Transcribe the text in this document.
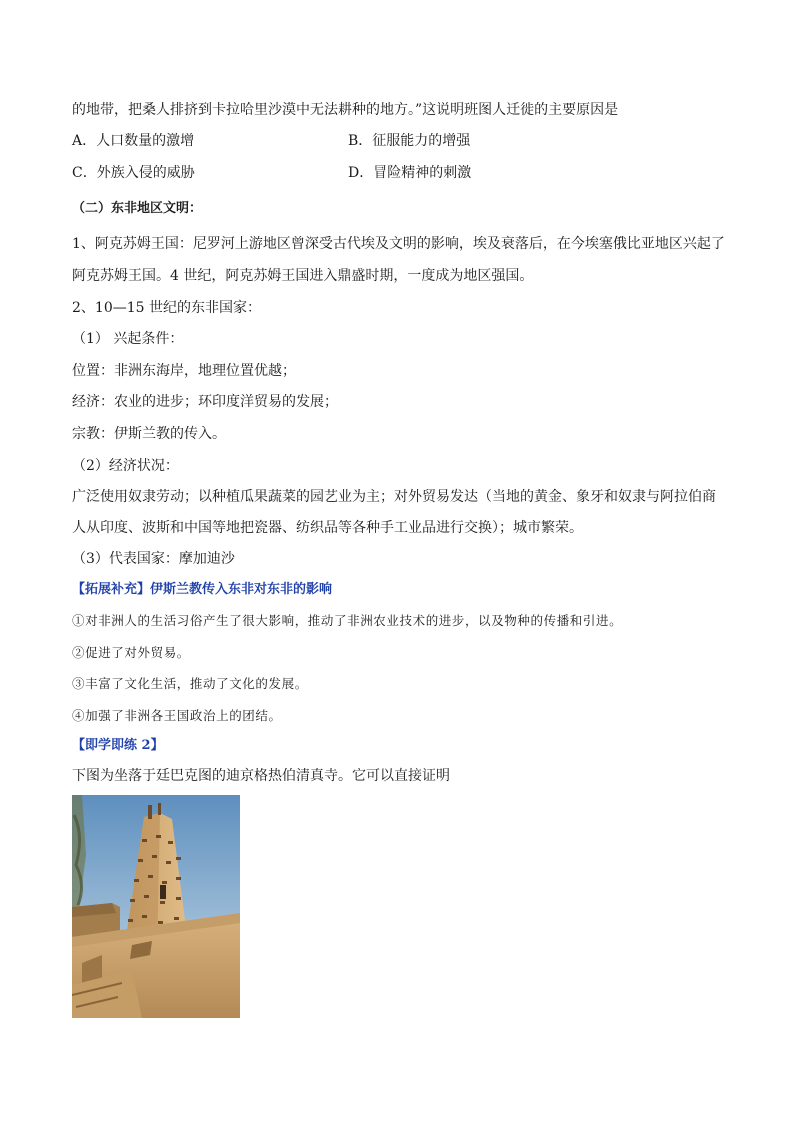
的地带，把桑人排挤到卡拉哈里沙漠中无法耕种的地方。”这说明班图人迁徙的主要原因是
A．人口数量的激增	B．征服能力的增强
C．外族入侵的威胁	D．冒险精神的刺激
（二）东非地区文明：
1、阿克苏姆王国：尼罗河上游地区曾深受古代埃及文明的影响，埃及衰落后，在今埃塞俄比亚地区兴起了
阿克苏姆王国。4 世纪，阿克苏姆王国进入鼎盛时期，一度成为地区强国。
2、10—15 世纪的东非国家：
（1） 兴起条件：
位置：非洲东海岸，地理位置优越；
经济：农业的进步；环印度洋贸易的发展；
宗教：伊斯兰教的传入。
（2）经济状况：
广泛使用奴隶劳动；以种植瓜果蔬菜的园艺业为主；对外贸易发达（当地的黄金、象牙和奴隶与阿拉伯商
人从印度、波斯和中国等地把瓷器、纺织品等各种手工业品进行交换）；城市繁荣。
（3）代表国家：摩加迪沙
【拓展补充】伊斯兰教传入东非对东非的影响
①对非洲人的生活习俗产生了很大影响，推动了非洲农业技术的进步，以及物种的传播和引进。
②促进了对外贸易。
③丰富了文化生活，推动了文化的发展。
④加强了非洲各王国政治上的团结。
【即学即练 2】
下图为坐落于廷巴克图的迪京格热伯清真寺。它可以直接证明
